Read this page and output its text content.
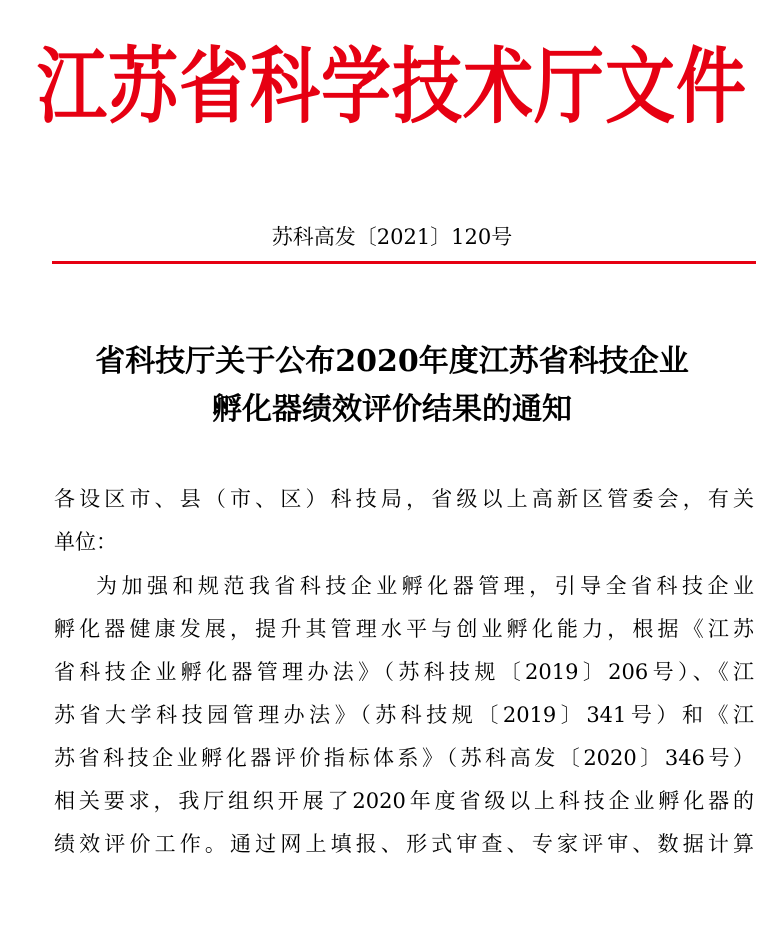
江苏省科学技术厅文件
苏科高发〔2021〕120号
省科技厅关于公布2020年度江苏省科技企业
孵化器绩效评价结果的通知
各设区市、县（市、区）科技局，省级以上高新区管委会，有关
单位：
为加强和规范我省科技企业孵化器管理，引导全省科技企业
孵化器健康发展，提升其管理水平与创业孵化能力，根据《江苏
省科技企业孵化器管理办法》（苏科技规〔2019〕206号）、《江
苏省大学科技园管理办法》（苏科技规〔2019〕341号）和《江
苏省科技企业孵化器评价指标体系》（苏科高发〔2020〕346号）
相关要求，我厅组织开展了2020年度省级以上科技企业孵化器的
绩效评价工作。通过网上填报、形式审查、专家评审、数据计算
